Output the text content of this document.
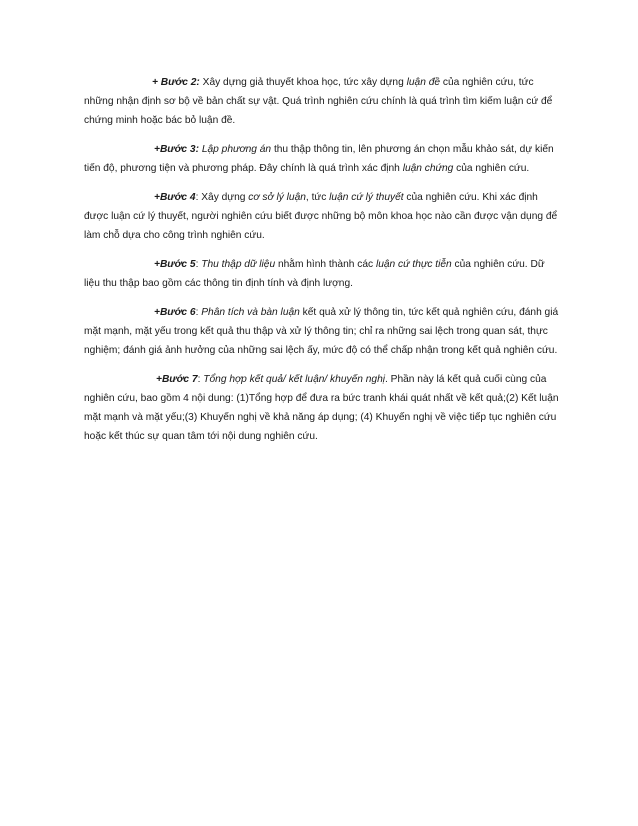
+ Bước 2: Xây dựng giả thuyết khoa học, tức xây dựng luận đề của nghiên cứu, tức những nhận định sơ bộ về bản chất sự vật. Quá trình nghiên cứu chính là quá trình tìm kiếm luận cứ để chứng minh hoặc bác bỏ luận đề.

+Bước 3: Lập phương án thu thập thông tin, lên phương án chọn mẫu khảo sát, dự kiến tiến độ, phương tiện và phương pháp. Đây chính là quá trình xác định luận chứng của nghiên cứu.

+Bước 4: Xây dựng cơ sở lý luận, tức luận cứ lý thuyết của nghiên cứu. Khi xác định được luận cứ lý thuyết, người nghiên cứu biết được những bộ môn khoa học nào cần được vận dụng để làm chỗ dựa cho công trình nghiên cứu.

+Bước 5: Thu thập dữ liệu nhằm hình thành các luận cứ thực tiễn của nghiên cứu. Dữ liệu thu thập bao gồm các thông tin định tính và định lượng.

+Bước 6: Phân tích và bàn luận kết quả xử lý thông tin, tức kết quả nghiên cứu, đánh giá mặt mạnh, mặt yếu trong kết quả thu thập và xử lý thông tin; chỉ ra những sai lệch trong quan sát, thực nghiệm; đánh giá ảnh hưởng của những sai lệch ấy, mức độ có thể chấp nhận trong kết quả nghiên cứu.

+Bước 7: Tổng hợp kết quả/ kết luận/ khuyến nghị. Phần này lá kết quả cuối cùng của nghiên cứu, bao gồm 4 nội dung: (1)Tổng hợp để đưa ra bức tranh khái quát nhất về kết quả;(2) Kết luận mặt mạnh và mặt yếu;(3) Khuyến nghị về khả năng áp dụng; (4) Khuyến nghị về việc tiếp tục nghiên cứu hoặc kết thúc sự quan tâm tới nội dung nghiên cứu.
